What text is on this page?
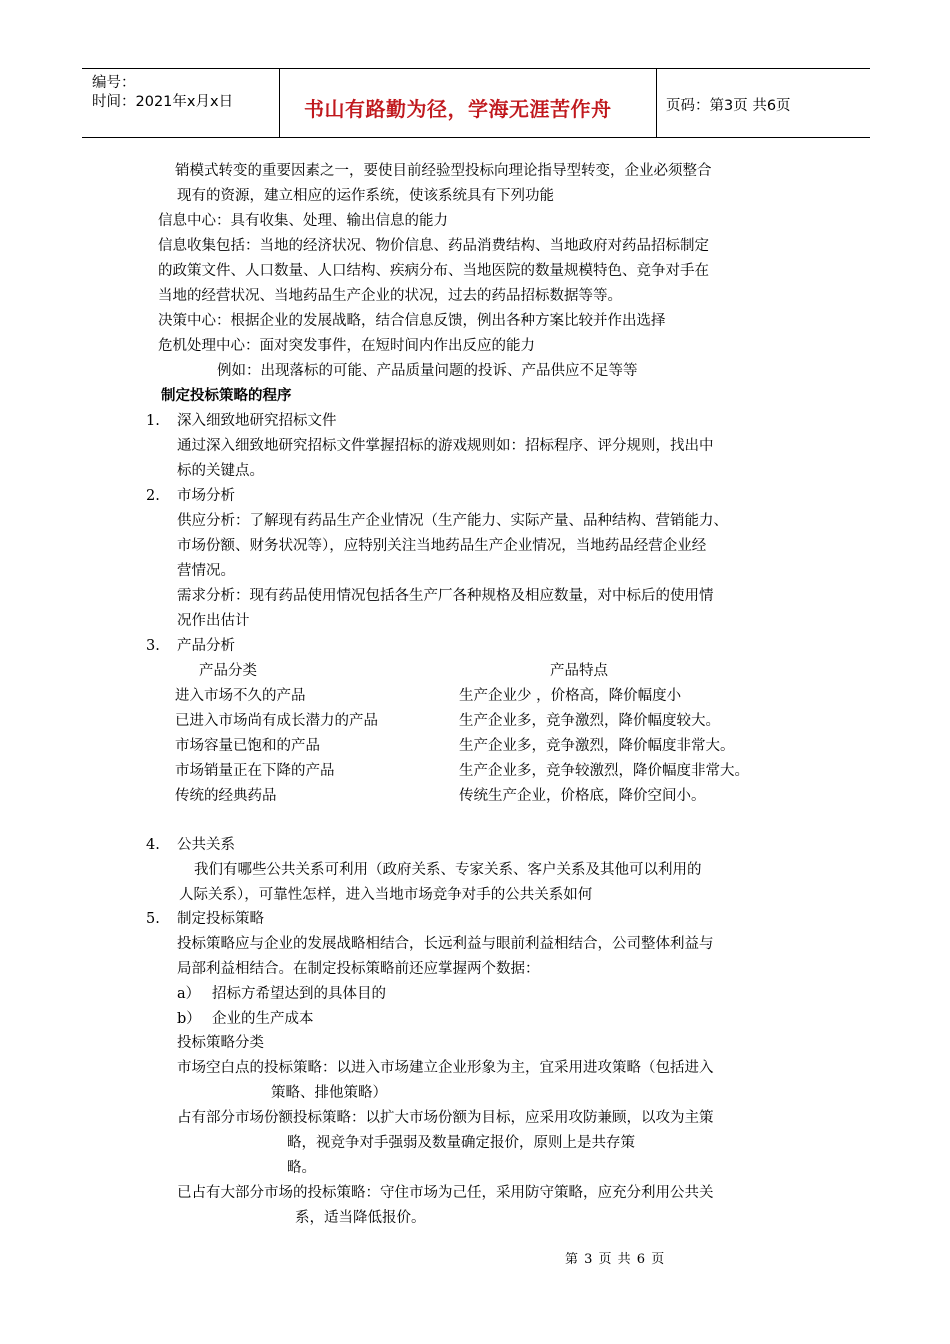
编号：
时间：2021年x月x日	书山有路勤为径，学海无涯苦作舟	页码：第3页 共6页
销模式转变的重要因素之一，要使目前经验型投标向理论指导型转变，企业必须整合
现有的资源，建立相应的运作系统，使该系统具有下列功能
信息中心：具有收集、处理、输出信息的能力
信息收集包括：当地的经济状况、物价信息、药品消费结构、当地政府对药品招标制定
的政策文件、人口数量、人口结构、疾病分布、当地医院的数量规模特色、竞争对手在
当地的经营状况、当地药品生产企业的状况，过去的药品招标数据等等。
决策中心：根据企业的发展战略，结合信息反馈，例出各种方案比较并作出选择
危机处理中心：面对突发事件，在短时间内作出反应的能力
例如：出现落标的可能、产品质量问题的投诉、产品供应不足等等
制定投标策略的程序
1. 深入细致地研究招标文件
通过深入细致地研究招标文件掌握招标的游戏规则如：招标程序、评分规则，找出中
标的关键点。
2. 市场分析
供应分析：了解现有药品生产企业情况（生产能力、实际产量、品种结构、营销能力、
市场份额、财务状况等），应特别关注当地药品生产企业情况，当地药品经营企业经
营情况。
需求分析：现有药品使用情况包括各生产厂各种规格及相应数量，对中标后的使用情
况作出估计
3. 产品分析
产品分类	产品特点
进入市场不久的产品	生产企业少 ，价格高，降价幅度小
已进入市场尚有成长潜力的产品	生产企业多，竞争激烈，降价幅度较大。
市场容量已饱和的产品	生产企业多，竞争激烈，降价幅度非常大。
市场销量正在下降的产品	生产企业多，竞争较激烈，降价幅度非常大。
传统的经典药品	传统生产企业，价格底，降价空间小。
4. 公共关系
我们有哪些公共关系可利用（政府关系、专家关系、客户关系及其他可以利用的
人际关系），可靠性怎样，进入当地市场竞争对手的公共关系如何
5. 制定投标策略
投标策略应与企业的发展战略相结合，长远利益与眼前利益相结合，公司整体利益与
局部利益相结合。在制定投标策略前还应掌握两个数据：
a） 招标方希望达到的具体目的
b） 企业的生产成本
投标策略分类
市场空白点的投标策略：以进入市场建立企业形象为主，宜采用进攻策略（包括进入
策略、排他策略）
占有部分市场份额投标策略：以扩大市场份额为目标，应采用攻防兼顾，以攻为主策
略，视竞争对手强弱及数量确定报价，原则上是共存策
略。
已占有大部分市场的投标策略：守住市场为己任，采用防守策略，应充分利用公共关
系，适当降低报价。
第 3 页 共 6 页
